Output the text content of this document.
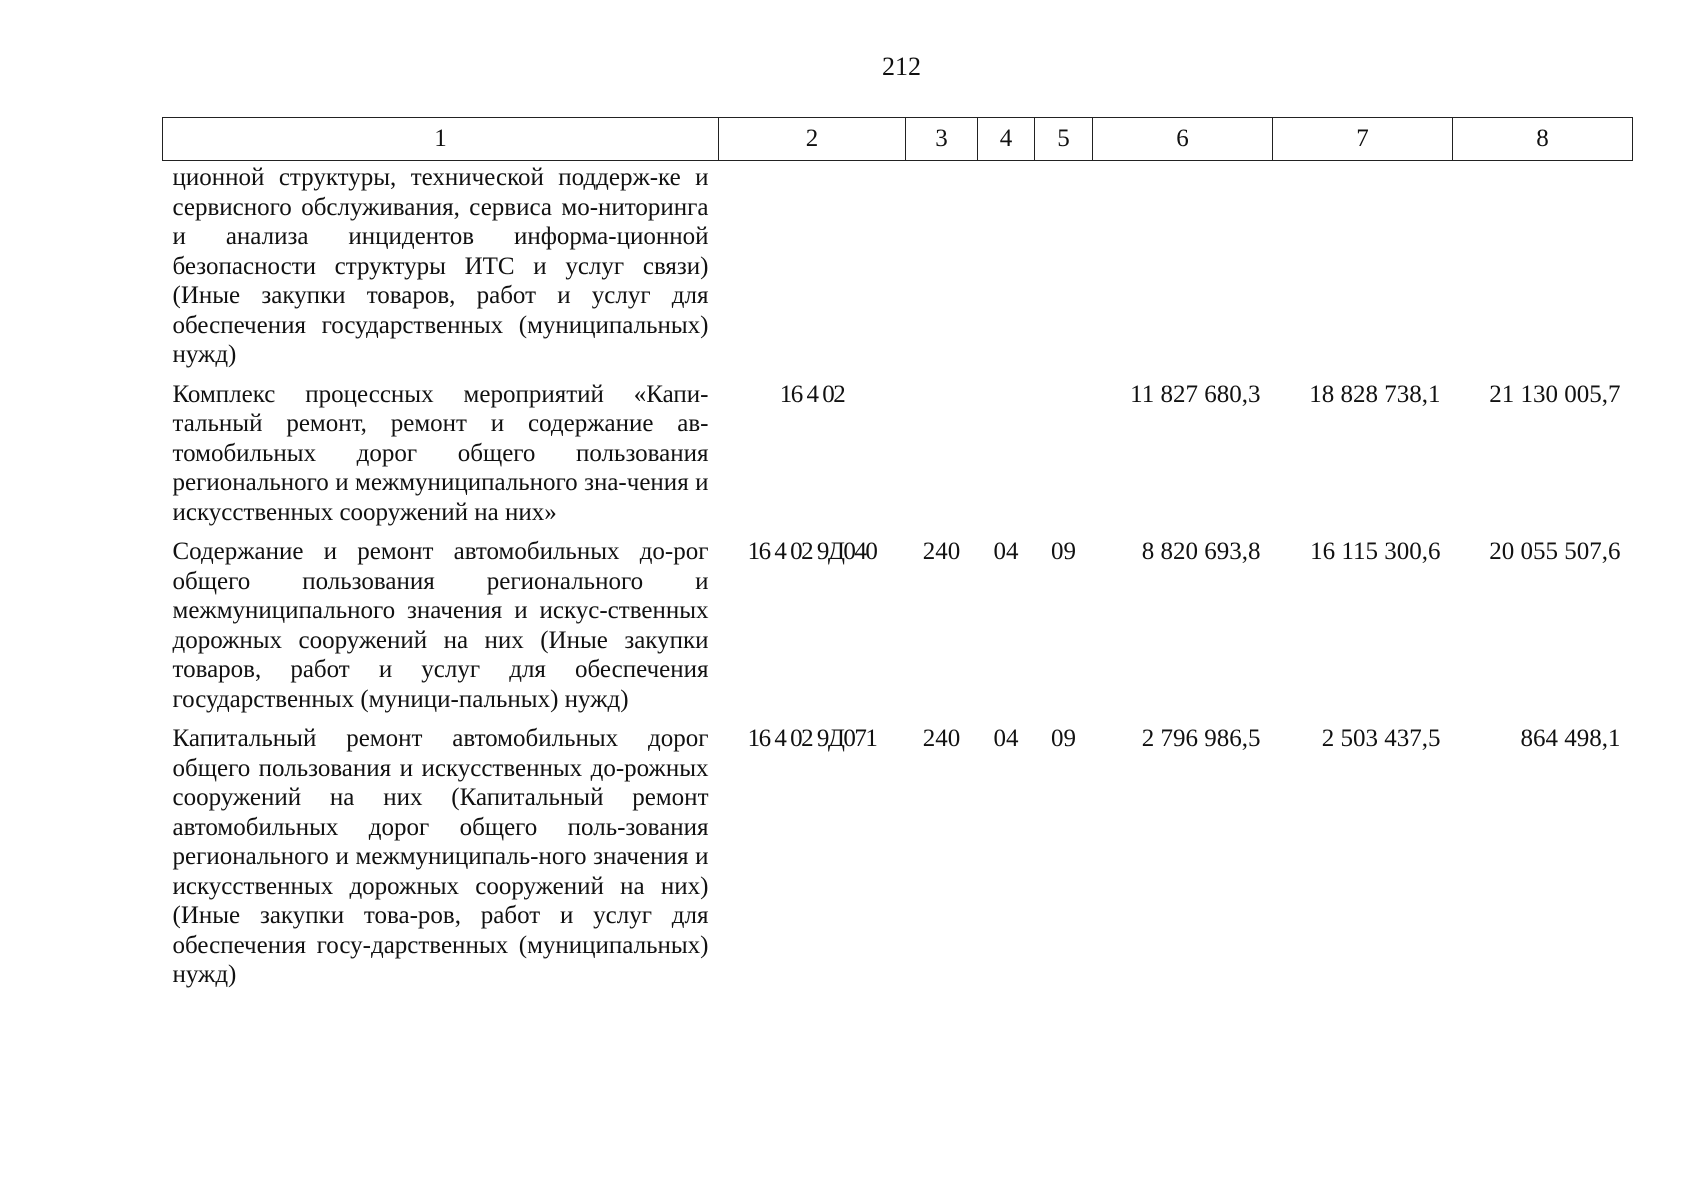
212
1	2	3	4	5	6	7	8
ционной структуры, технической поддерж-ке и сервисного обслуживания, сервиса мо-ниторинга и анализа инцидентов информа-ционной безопасности структуры ИТС и услуг связи) (Иные закупки товаров, работ и услуг для обеспечения государственных (муниципальных) нужд)							
Комплекс процессных мероприятий «Капи-тальный ремонт, ремонт и содержание ав-томобильных дорог общего пользования регионального и межмуниципального зна-чения и искусственных сооружений на них»	16 4 02				11 827 680,3	18 828 738,1	21 130 005,7
Содержание и ремонт автомобильных до-рог общего пользования регионального и межмуниципального значения и искус-ственных дорожных сооружений на них (Иные закупки товаров, работ и услуг для обеспечения государственных (муници-пальных) нужд)	16 4 02 9Д040	240	04	09	8 820 693,8	16 115 300,6	20 055 507,6
Капитальный ремонт автомобильных дорог общего пользования и искусственных до-рожных сооружений на них (Капитальный ремонт автомобильных дорог общего поль-зования регионального и межмуниципаль-ного значения и искусственных дорожных сооружений на них) (Иные закупки това-ров, работ и услуг для обеспечения госу-дарственных (муниципальных) нужд)	16 4 02 9Д071	240	04	09	2 796 986,5	2 503 437,5	864 498,1
